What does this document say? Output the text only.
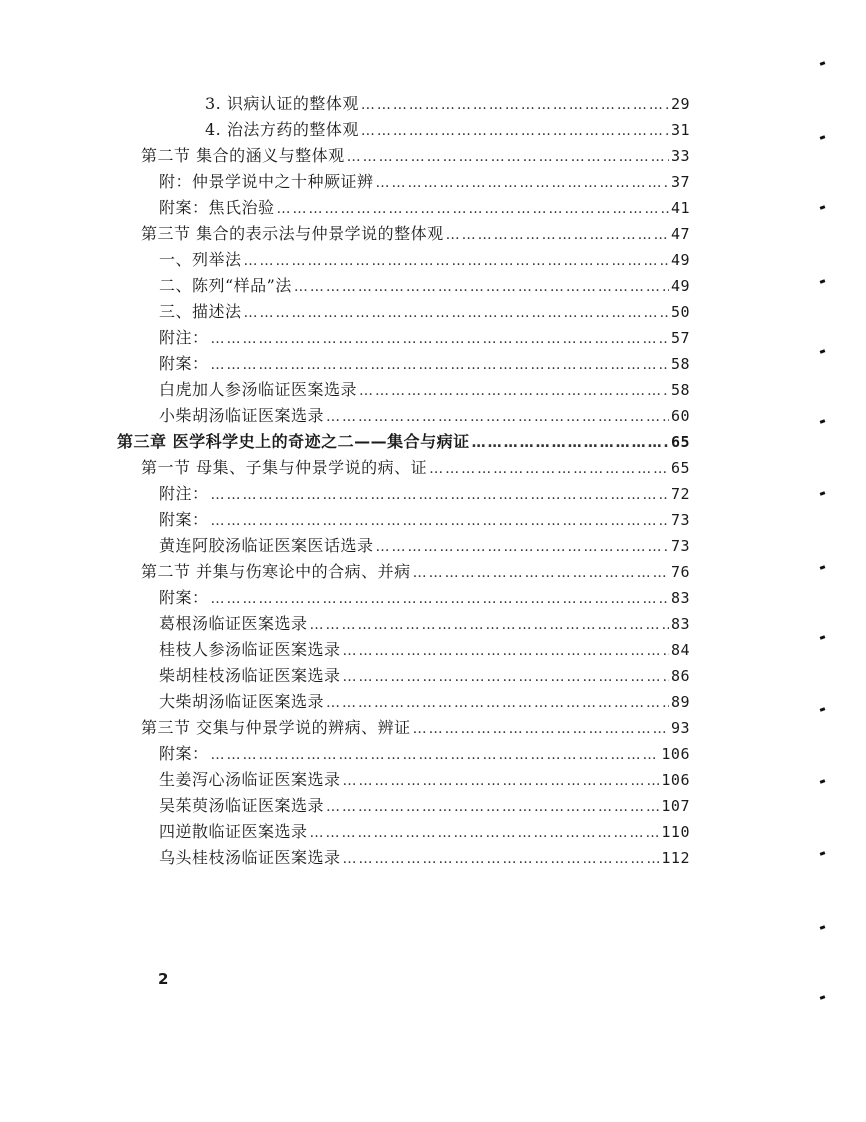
3. 识病认证的整体观 …………………………………………………………………………………………………………………………………………………………………………………………………………………………	29
4. 治法方药的整体观 …………………………………………………………………………………………………………………………………………………………………………………………………………………………	31
第二节 集合的涵义与整体观 …………………………………………………………………………………………………………………………………………………………………………………………………………………………	33
附：仲景学说中之十种厥证辨 …………………………………………………………………………………………………………………………………………………………………………………………………………………………	37
附案：焦氏治验 …………………………………………………………………………………………………………………………………………………………………………………………………………………………	41
第三节 集合的表示法与仲景学说的整体观 …………………………………………………………………………………………………………………………………………………………………………………………………………………………	47
一、列举法 …………………………………………………………………………………………………………………………………………………………………………………………………………………………	49
二、陈列“样品”法 …………………………………………………………………………………………………………………………………………………………………………………………………………………………	49
三、描述法 …………………………………………………………………………………………………………………………………………………………………………………………………………………………	50
附注： …………………………………………………………………………………………………………………………………………………………………………………………………………………………	57
附案： …………………………………………………………………………………………………………………………………………………………………………………………………………………………	58
白虎加人参汤临证医案选录 …………………………………………………………………………………………………………………………………………………………………………………………………………………………	58
小柴胡汤临证医案选录 …………………………………………………………………………………………………………………………………………………………………………………………………………………………	60
第三章 医学科学史上的奇迹之二——集合与病证 …………………………………………………………………………………………………………………………………………………………………………………………………………………………	65
第一节 母集、子集与仲景学说的病、证 …………………………………………………………………………………………………………………………………………………………………………………………………………………………	65
附注： …………………………………………………………………………………………………………………………………………………………………………………………………………………………	72
附案： …………………………………………………………………………………………………………………………………………………………………………………………………………………………	73
黄连阿胶汤临证医案医话选录 …………………………………………………………………………………………………………………………………………………………………………………………………………………………	73
第二节 并集与伤寒论中的合病、并病 …………………………………………………………………………………………………………………………………………………………………………………………………………………………	76
附案： …………………………………………………………………………………………………………………………………………………………………………………………………………………………	83
葛根汤临证医案选录 …………………………………………………………………………………………………………………………………………………………………………………………………………………………	83
桂枝人参汤临证医案选录 …………………………………………………………………………………………………………………………………………………………………………………………………………………………	84
柴胡桂枝汤临证医案选录 …………………………………………………………………………………………………………………………………………………………………………………………………………………………	86
大柴胡汤临证医案选录 …………………………………………………………………………………………………………………………………………………………………………………………………………………………	89
第三节 交集与仲景学说的辨病、辨证 …………………………………………………………………………………………………………………………………………………………………………………………………………………………	93
附案： …………………………………………………………………………………………………………………………………………………………………………………………………………………………	106
生姜泻心汤临证医案选录 …………………………………………………………………………………………………………………………………………………………………………………………………………………………	106
吴茱萸汤临证医案选录 …………………………………………………………………………………………………………………………………………………………………………………………………………………………	107
四逆散临证医案选录 …………………………………………………………………………………………………………………………………………………………………………………………………………………………	110
乌头桂枝汤临证医案选录 …………………………………………………………………………………………………………………………………………………………………………………………………………………………	112
2
